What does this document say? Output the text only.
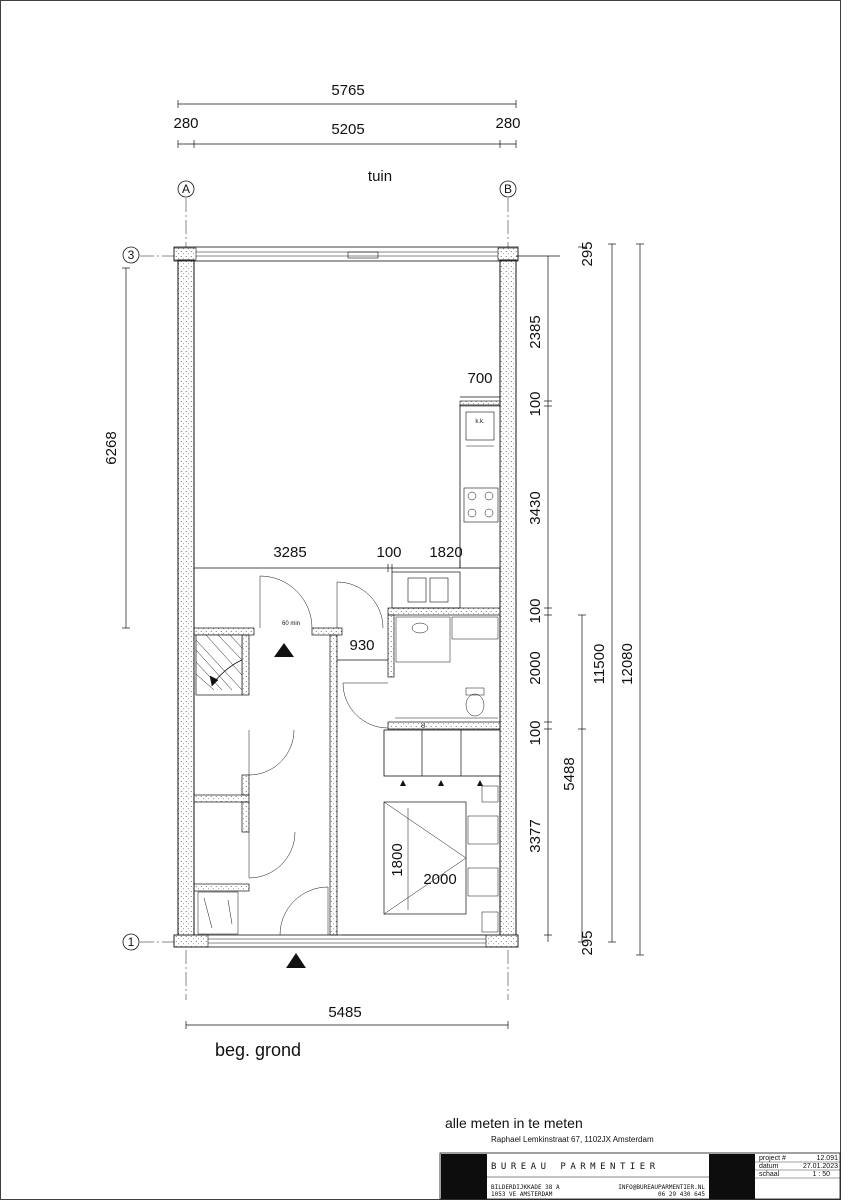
5765
280	5205	280
tuin
A	B
3
1
k.k.
700
3285	100 1820
60 min
930
R
1800
2000
6268
295
2385
100
3430
100
2000
100
3377
295
5488
11500 12080
5485
beg. grond
alle meten in te meten
Raphael Lemkinstraat 67, 1102JX Amsterdam
BUREAU PARMENTIER
BILDERDIJKKADE 38 A
1053 VE AMSTERDAM
INFO@BUREAUPARMENTIER.NL
06 29 430 645
project #	12.091
datum	27.01.2023
schaal	1 : 50
